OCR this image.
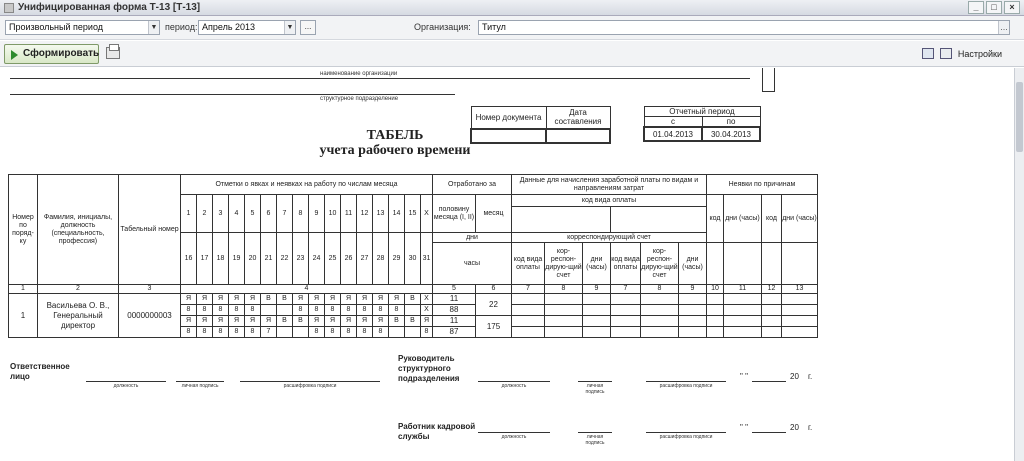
Унифицированная форма Т-13 [Т-13]	_	□	×
Произвольный период	▼ период: Апрель 2013	▼	...	Организация:	Титул	…
Сформировать	Настройки
наименование организации
структурное подразделение
Номер документа	Дата составления

Отчетный период	
с	по
01.04.2013	30.04.2013
ТАБЕЛЬ
учета рабочего времени
Номер по поряд-ку	Фамилия, инициалы, должность (специальность, профессия)	Табельный номер	Отметки о явках и неявках на работу по числам месяца																Отработано за		Данные для начисления заработной платы по видам и направлениям затрат						Неявки по причинам			
			1	2	3	4	5	6	7	8	9	10	11	12	13	14	15	X	половину месяца (I, II)	месяц	код вида оплаты						код	дни (часы)	код	дни (часы)

			16	17	18	19	20	21	22	23	24	25	26	27	28	29	30	31	дни		корреспондирующий счет									
																			часы		код вида оплаты	кор-респон-дирую-щий счет	дни (часы)	код вида оплаты	кор-респон-дирую-щий счет	дни (часы)				
1	2	3	4																5	6	7	8	9	7	8	9	10	11	12	13
1	Васильева О. В., Генеральный директор	0000000003	Я	Я	Я	Я	Я	В	В	Я	Я	Я	Я	Я	Я	Я	В	X	11	22										
			8	8	8	8	8			8	8	8	8	8	8	8		X	88											
			Я	Я	Я	Я	Я	Я	В	В	Я	Я	Я	Я	Я	В	В	Я	11	175										
			8	8	8	8	8	7			8	8	8	8	8			8	87											
Ответственное лицо
должность	личная подпись	расшифровка подписи
Руководитель структурного подразделения
должность	личная подпись
расшифровка подписи
" "	20 г.
Работник кадровой службы	должность	личная подпись
расшифровка подписи
" "	20 г.
